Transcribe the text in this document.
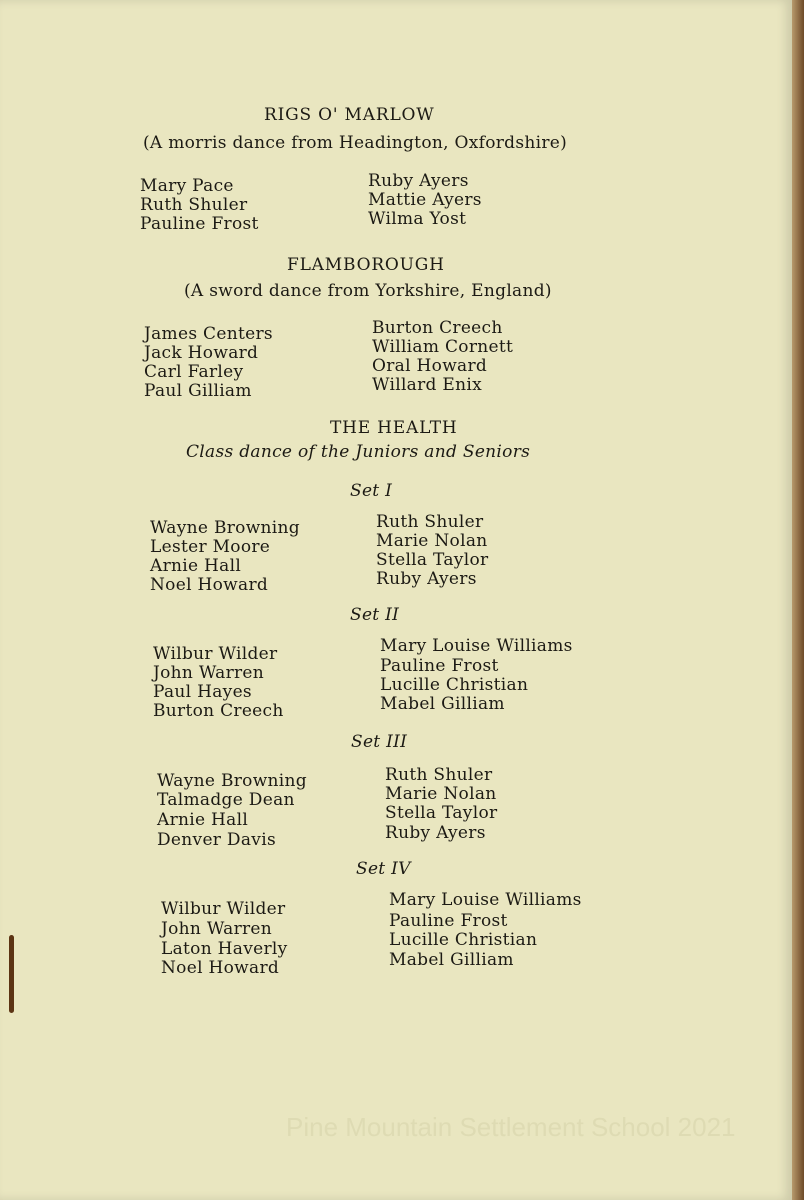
RIGS O' MARLOW
(A morris dance from Headington, Oxfordshire)
Mary Pace
Ruth Shuler
Pauline Frost
Ruby Ayers
Mattie Ayers
Wilma Yost
FLAMBOROUGH
(A sword dance from Yorkshire, England)
James Centers
Jack Howard
Carl Farley
Paul Gilliam
Burton Creech
William Cornett
Oral Howard
Willard Enix
THE HEALTH
Class dance of the Juniors and Seniors
Set I
Wayne Browning
Lester Moore
Arnie Hall
Noel Howard
Ruth Shuler
Marie Nolan
Stella Taylor
Ruby Ayers
Set II
Wilbur Wilder
John Warren
Paul Hayes
Burton Creech
Mary Louise Williams
Pauline Frost
Lucille Christian
Mabel Gilliam
Set III
Wayne Browning
Talmadge Dean
Arnie Hall
Denver Davis
Ruth Shuler
Marie Nolan
Stella Taylor
Ruby Ayers
Set IV
Wilbur Wilder
John Warren
Laton Haverly
Noel Howard
Mary Louise Williams
Pauline Frost
Lucille Christian
Mabel Gilliam
Pine Mountain Settlement School 2021
